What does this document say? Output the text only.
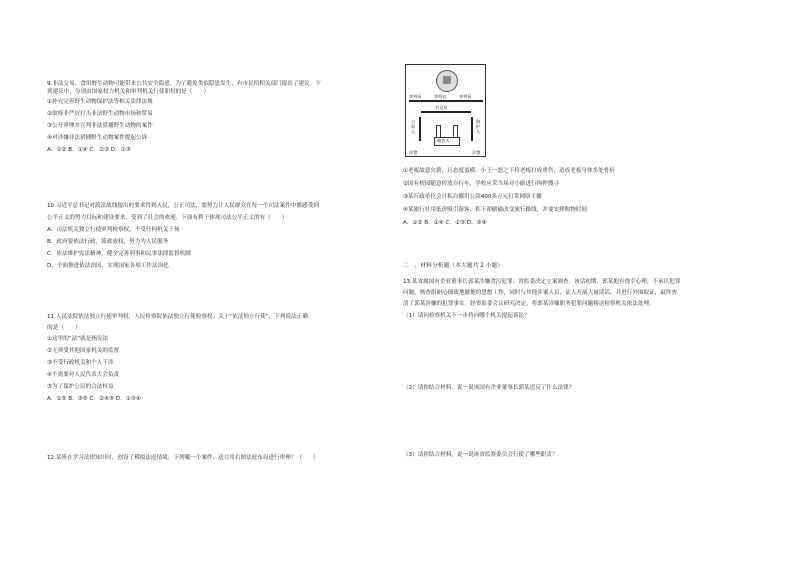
9.非法交易、食用野生动物可能带来公共安全隐患。为了避免类似隐患发生，有市民给相关部门提出了建议。下

列建议中，分别由国家权力机关和审判机关行使职权的是（　　）

①补充完善野生动物保护法等相关法律法规

②取缔非严厉打击非法野生动物市场和贸易

③公开审理并宣判非法猎捕野生动物的案件

④对涉嫌非法猎捕野生动物案件提起公诉

A．①② B．①④ C．②③ D．①③

10.习近平总书记对政法战线提出的要求得到人民，公正司法，要努力让人民群众在每一个司法案件中都感受到

公平正义的努力目标和建设要求，受到了社会的欢迎。下面有利于体现司法公平正义的有（　　）

A．司法机关独立行使审判检察权，不受任何机关干预

B．政府要依法行政，简政放权，努力为人民服务

C．依法维护宪法精神，健全完善刑事和民事法律监督机制

D．全面推进依法治国，实现国家各项工作法治化

11.人民法院依法独立行使审判权，人民检察院依法独立行使检察权。关于“依法独立行使”，下列说法正确

的是（　　）

①这里的“法”就是指宪法

②无须受其他国家机关的监督

③不受行政机关和个人干涉

④不需要对人民代表大会负责

⑤为了保护公民的合法权益

A．①⑤ B．③⑤ C．②④⑤ D．①③④

12.某班在学习法律知识时，创设了模拟法庭情境。下列哪一个案件，适合用右图法庭布局进行审理？（　　）

审判员	审判长	审判员
书记员
公诉人
辩护人
被告人
法警	法警

①老板故意欠薪，且态度蛮横，小王一怒之下将老板打成重伤，造成老板身体多处骨折

②国有校园随意停放自行车，学校应采当场对小偷进行拘押搜寻

③某行政单位会计私自挪用公款400多万元打赏网络主播

④某旅行社用低价吸引游客，私下却偷偷改变旅行路线，并要安排购物时间

A．①② B．①④ C．①③ D．③④

二　、材料分析题（本大题共 2 小题）

13.某省属国有企业董事长郭某涉嫌贪污犯罪，省监委决定立案调查。该话初期，郭某抱有侥幸心理，不承认犯罪

问题。核查组耐心细致地做他的思想工作，同时与其他涉案人员、证人开展大量谈话，并进行外围取证，最终查

清了郭某涉嫌的犯罪事实。经省监委会议研究决定，将郭某涉嫌职务犯罪问题移送检察机关依法处理。

（1）请问检察机关下一步将向哪个机关提起诉讼？

（2）请你结合材料，说一说该国有企业董事长郭某违反了什么法律？

（3）请你结合材料，说一说该省监察委员会行使了哪些职责？
